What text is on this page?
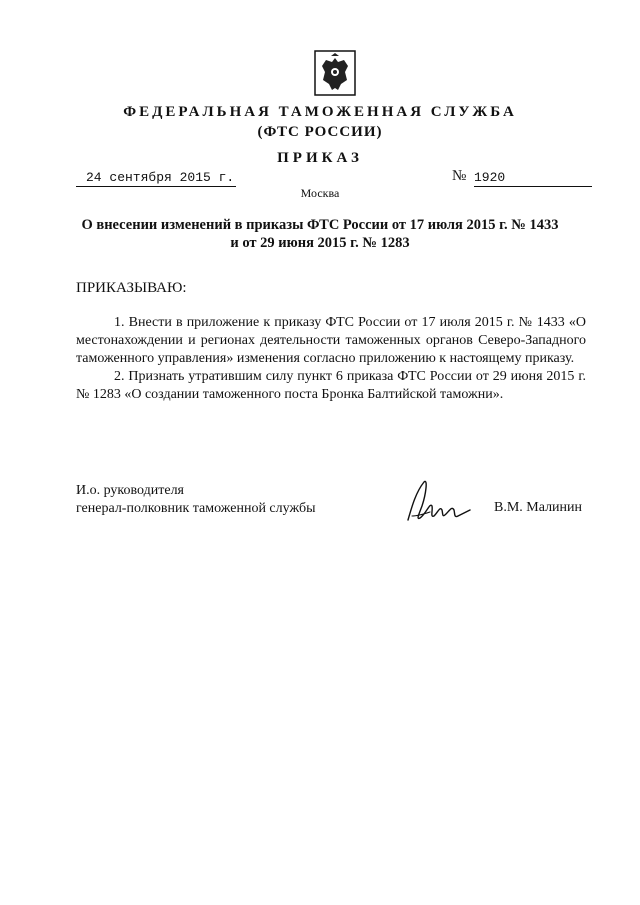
ФЕДЕРАЛЬНАЯ ТАМОЖЕННАЯ СЛУЖБА
(ФТС РОССИИ)
ПРИКАЗ
24 сентября 2015 г.	№ 1920
Москва
О внесении изменений в приказы ФТС России от 17 июля 2015 г. № 1433
и от 29 июня 2015 г. № 1283
ПРИКАЗЫВАЮ:

1. Внести в приложение к приказу ФТС России от 17 июля 2015 г. № 1433 «О местонахождении и регионах деятельности таможенных органов Северо-Западного таможенного управления» изменения согласно приложению к настоящему приказу.

2. Признать утратившим силу пункт 6 приказа ФТС России от 29 июня 2015 г. № 1283 «О создании таможенного поста Бронка Балтийской таможни».

И.о. руководителя
генерал-полковник таможенной службы	В.М. Малинин
